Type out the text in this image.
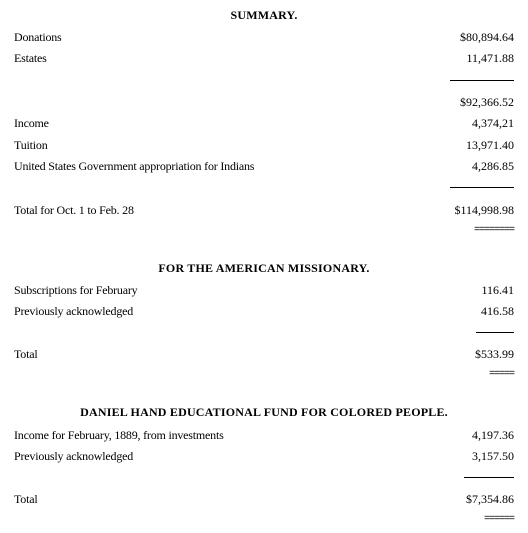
SUMMARY.
Donations	$80,894.64
Estates	11,471.88
$92,366.52
Income	4,374,21
Tuition	13,971.40
United States Government appropriation for Indians	4,286.85
Total for Oct. 1 to Feb. 28	$114,998.98
========
FOR THE AMERICAN MISSIONARY.
Subscriptions for February	116.41
Previously acknowledged	416.58
Total	$533.99
=====
DANIEL HAND EDUCATIONAL FUND FOR COLORED PEOPLE.
Income for February, 1889, from investments	4,197.36
Previously acknowledged	3,157.50
Total	$7,354.86
======
